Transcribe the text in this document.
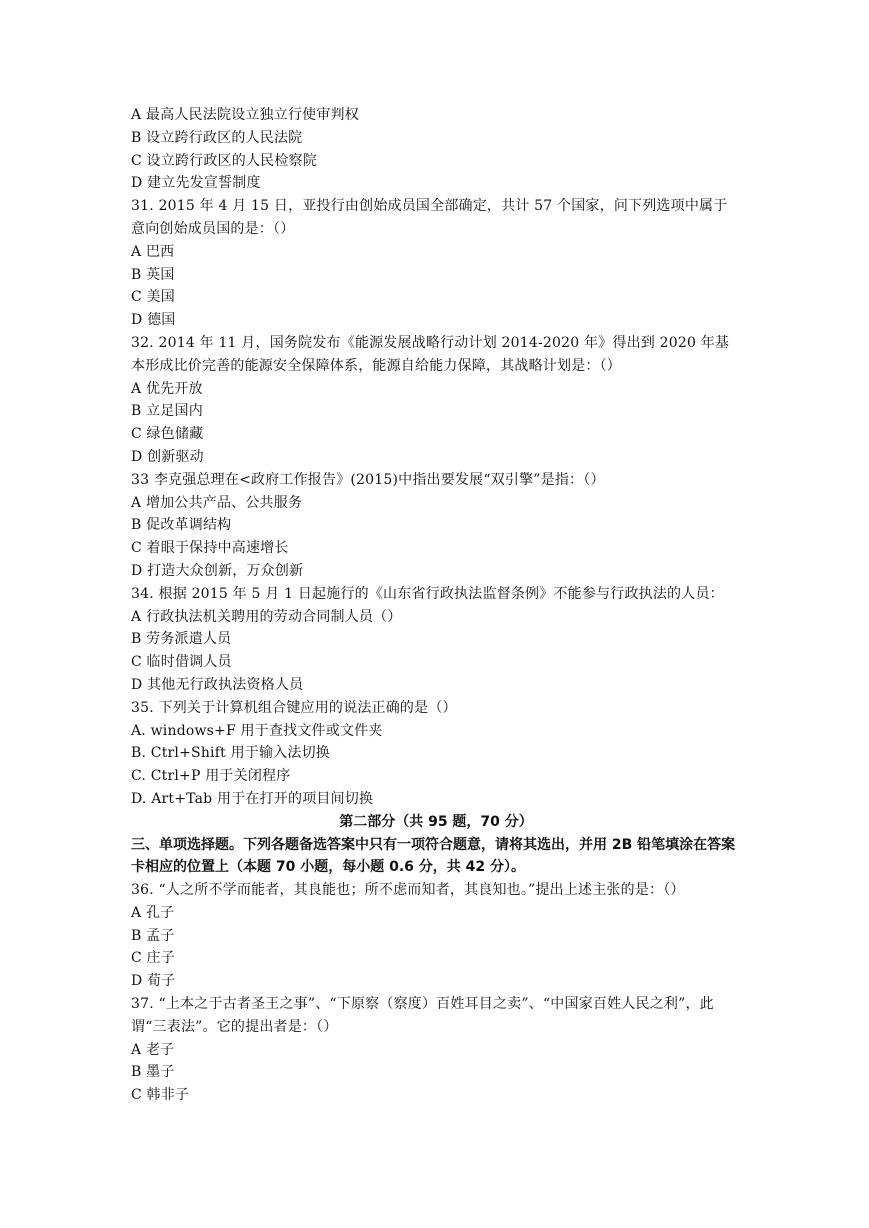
A 最高人民法院设立独立行使审判权
B 设立跨行政区的人民法院
C 设立跨行政区的人民检察院
D 建立先发宣誓制度
31. 2015 年 4 月 15 日，亚投行由创始成员国全部确定，共计 57 个国家，问下列选项中属于意向创始成员国的是：（）
A 巴西
B 英国
C 美国
D 德国
32. 2014 年 11 月，国务院发布《能源发展战略行动计划 2014-2020 年》得出到 2020 年基本形成比价完善的能源安全保障体系，能源自给能力保障，其战略计划是：（）
A 优先开放
B 立足国内
C 绿色储藏
D 创新驱动
33 李克强总理在<政府工作报告》(2015)中指出要发展“双引擎”是指：（）
A 增加公共产品、公共服务
B 促改革调结构
C 着眼于保持中高速增长
D 打造大众创新，万众创新
34. 根据 2015 年 5 月 1 日起施行的《山东省行政执法监督条例》不能参与行政执法的人员：
A 行政执法机关聘用的劳动合同制人员（）
B 劳务派遣人员
C 临时借调人员
D 其他无行政执法资格人员
35. 下列关于计算机组合键应用的说法正确的是（）
A. windows+F 用于查找文件或文件夹
B. Ctrl+Shift 用于输入法切换
C. Ctrl+P 用于关闭程序
D. Art+Tab 用于在打开的项目间切换
第二部分（共 95 题，70 分）
三、单项选择题。下列各题备选答案中只有一项符合题意，请将其选出，并用 2B 铅笔填涂在答案卡相应的位置上（本题 70 小题，每小题 0.6 分，共 42 分）。
36. “人之所不学而能者，其良能也；所不虑而知者，其良知也。”提出上述主张的是：（）
A 孔子
B 孟子
C 庄子
D 荀子
37. “上本之于古者圣王之事”、“下原察（察度）百姓耳目之卖”、“中国家百姓人民之利”，此谓“三表法”。它的提出者是：（）
A 老子
B 墨子
C 韩非子
